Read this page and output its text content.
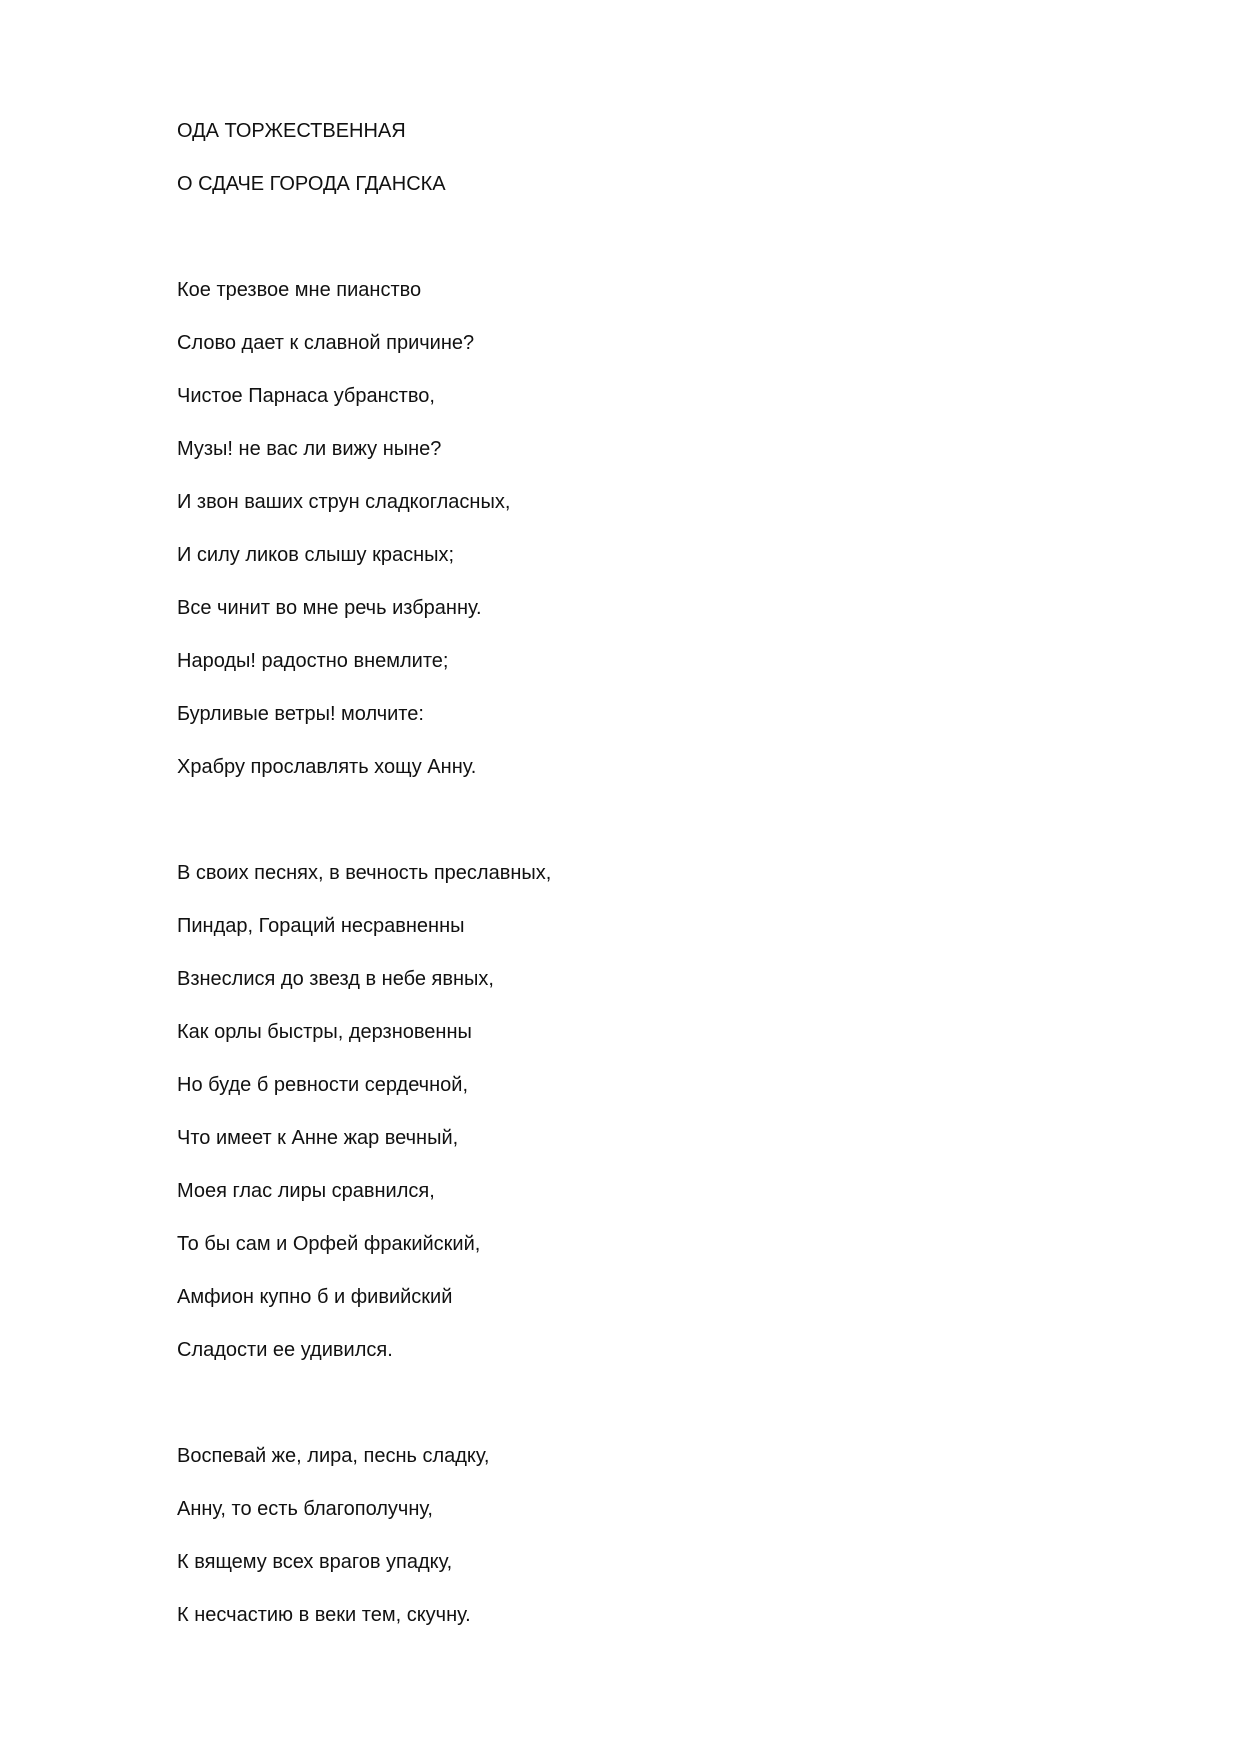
ОДА ТОРЖЕСТВЕННАЯ
О СДАЧЕ ГОРОДА ГДАНСКА
Кое трезвое мне пианство
Слово дает к славной причине?
Чистое Парнаса убранство,
Музы! не вас ли вижу ныне?
И звон ваших струн сладкогласных,
И силу ликов слышу красных;
Все чинит во мне речь избранну.
Народы! радостно внемлите;
Бурливые ветры! молчите:
Храбру прославлять хощу Анну.
В своих песнях, в вечность преславных,
Пиндар, Гораций несравненны
Взнеслися до звезд в небе явных,
Как орлы быстры, дерзновенны
Но буде б ревности сердечной,
Что имеет к Анне жар вечный,
Моея глас лиры сравнился,
То бы сам и Орфей фракийский,
Амфион купно б и фивийский
Сладости ее удивился.
Воспевай же, лира, песнь сладку,
Анну, то есть благополучну,
К вящему всех врагов упадку,
К несчастию в веки тем, скучну.
